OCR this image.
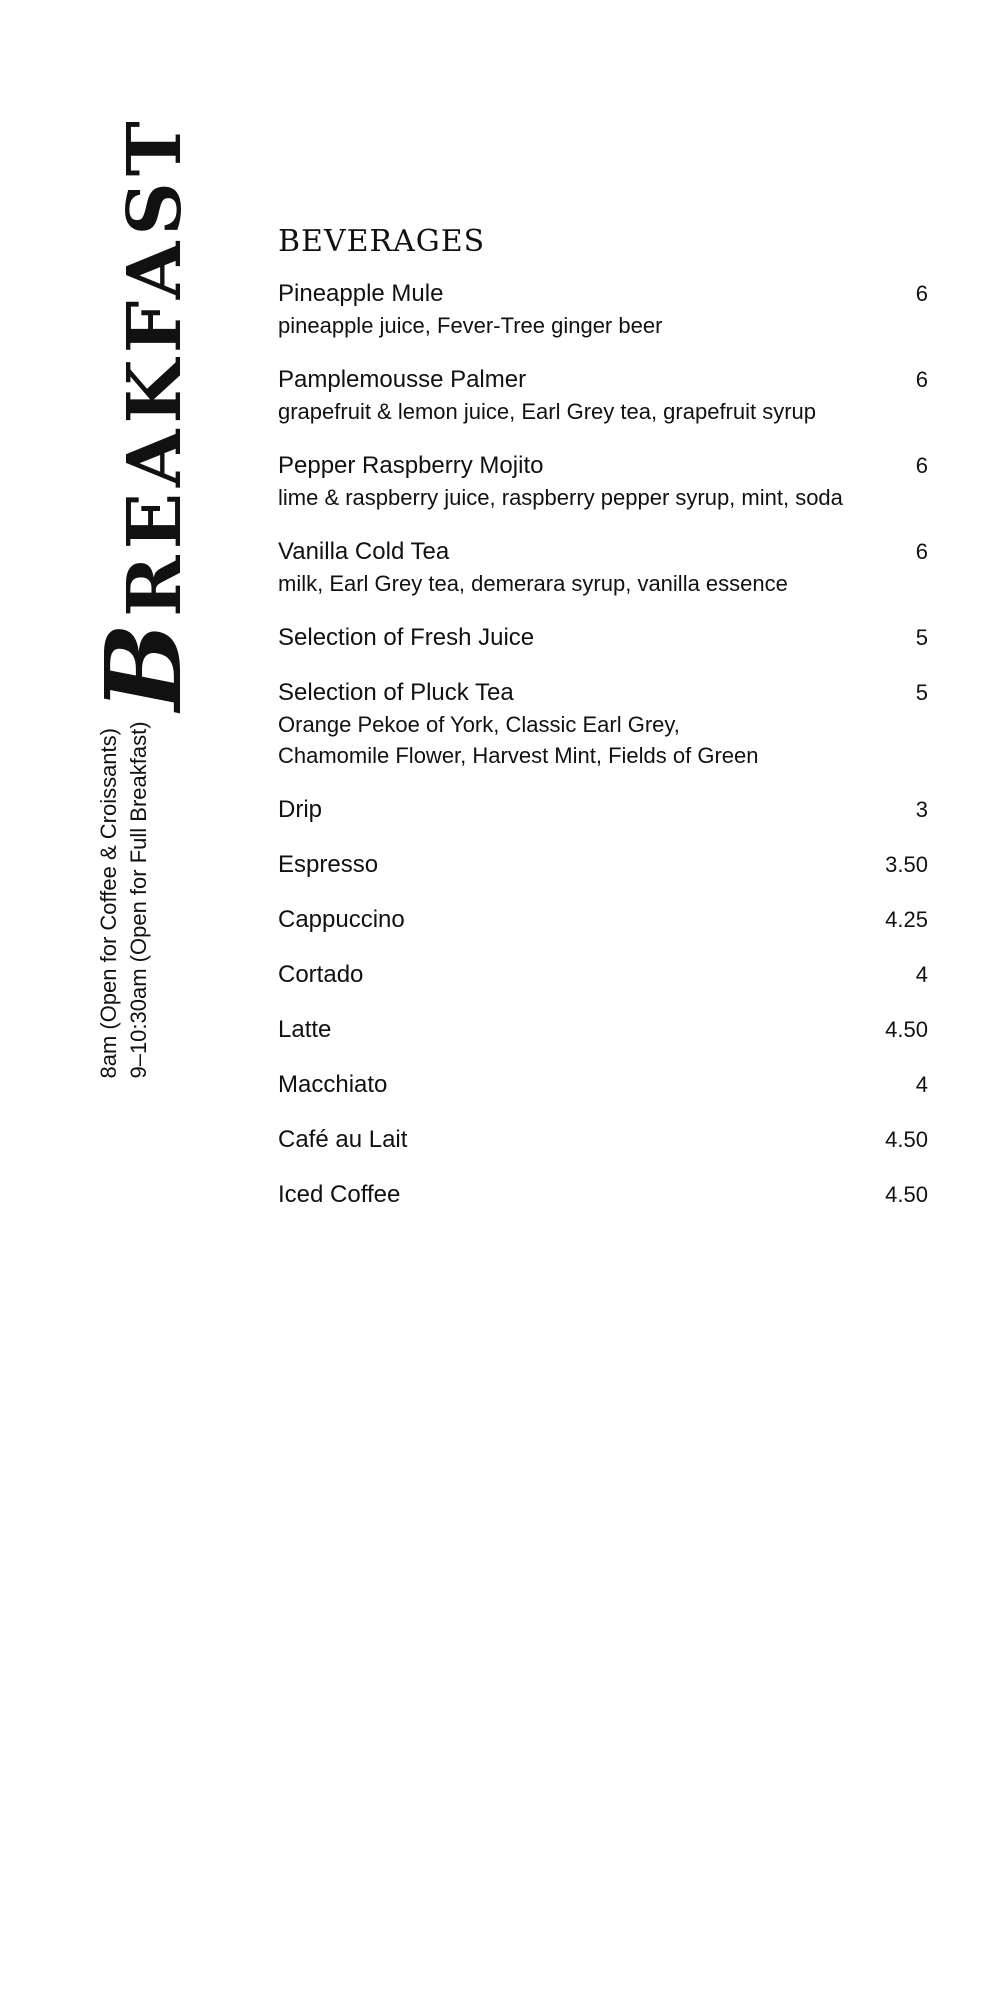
BREAKFAST
8am (Open for Coffee & Croissants) 9–10:30am (Open for Full Breakfast)
BEVERAGES
Pineapple Mule	6
pineapple juice, Fever-Tree ginger beer
Pamplemousse Palmer	6
grapefruit & lemon juice, Earl Grey tea, grapefruit syrup
Pepper Raspberry Mojito	6
lime & raspberry juice, raspberry pepper syrup, mint, soda
Vanilla Cold Tea	6
milk, Earl Grey tea, demerara syrup, vanilla essence
Selection of Fresh Juice	5
Selection of Pluck Tea	5
Orange Pekoe of York, Classic Earl Grey,
Chamomile Flower, Harvest Mint, Fields of Green
Drip	3
Espresso	3.50
Cappuccino	4.25
Cortado	4
Latte	4.50
Macchiato	4
Café au Lait	4.50
Iced Coffee	4.50
